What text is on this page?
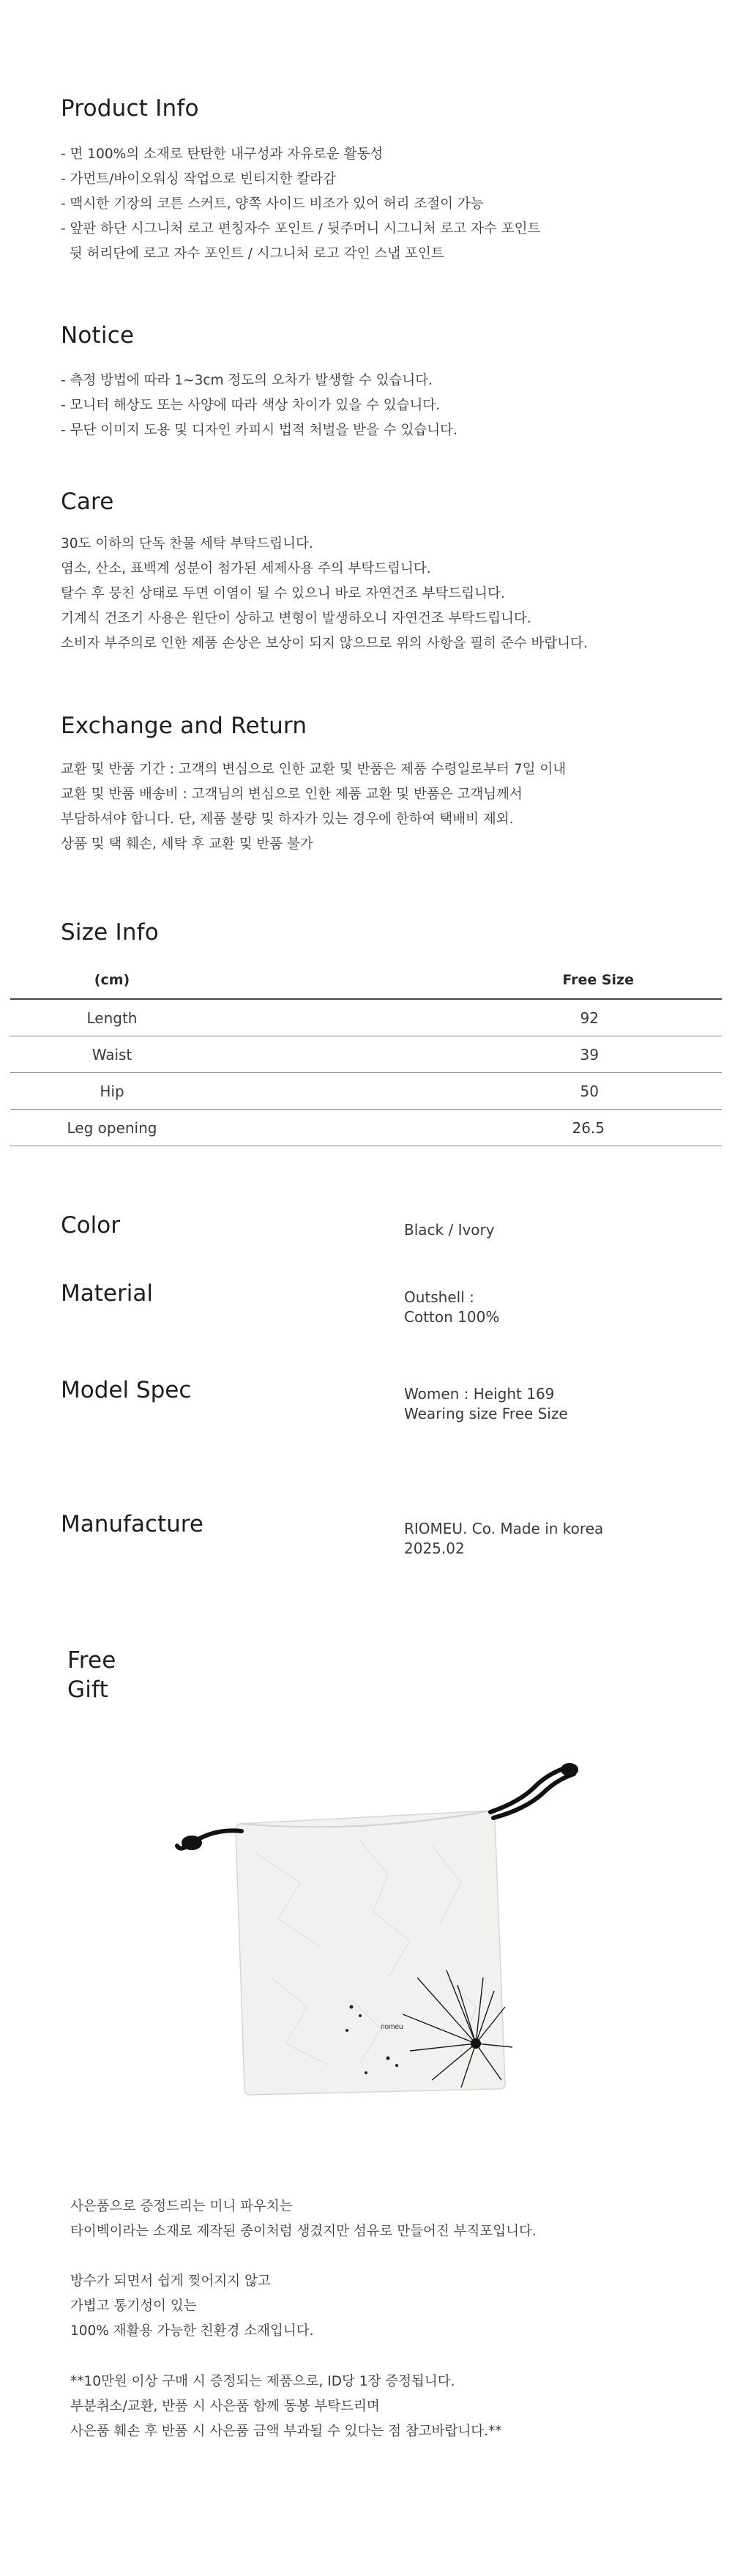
Product Info
- 면 100%의 소재로 탄탄한 내구성과 자유로운 활동성
- 가먼트/바이오워싱 작업으로 빈티지한 칼라감
- 맥시한 기장의 코튼 스커트, 양쪽 사이드 비조가 있어 허리 조절이 가능
- 앞판 하단 시그니처 로고 편칭자수 포인트 / 뒷주머니 시그니처 로고 자수 포인트
뒷 허리단에 로고 자수 포인트 / 시그니처 로고 각인 스냅 포인트
Notice
- 측정 방법에 따라 1~3cm 정도의 오차가 발생할 수 있습니다.
- 모니터 해상도 또는 사양에 따라 색상 차이가 있을 수 있습니다.
- 무단 이미지 도용 및 디자인 카피시 법적 처벌을 받을 수 있습니다.
Care
30도 이하의 단독 찬물 세탁 부탁드립니다.
염소, 산소, 표백계 성분이 첨가된 세제사용 주의 부탁드립니다.
탈수 후 뭉친 상태로 두면 이염이 될 수 있으니 바로 자연건조 부탁드립니다.
기계식 건조기 사용은 원단이 상하고 변형이 발생하오니 자연건조 부탁드립니다.
소비자 부주의로 인한 제품 손상은 보상이 되지 않으므로 위의 사항을 필히 준수 바랍니다.
Exchange and Return
교환 및 반품 기간 : 고객의 변심으로 인한 교환 및 반품은 제품 수령일로부터 7일 이내
교환 및 반품 배송비 : 고객님의 변심으로 인한 제품 교환 및 반품은 고객님께서
부담하셔야 합니다. 단, 제품 불량 및 하자가 있는 경우에 한하여 택배비 제외.
상품 및 택 훼손, 세탁 후 교환 및 반품 불가
Size Info
(cm)	Free Size
Length	92
Waist	39
Hip	50
Leg opening	26.5
Color	Black / Ivory
Material	Outshell :
Cotton 100%
Model Spec	Women : Height 169
Wearing size Free Size
Manufacture	RIOMEU. Co. Made in korea
2025.02
Free
Gift
riomeu
사은품으로 증정드리는 미니 파우치는
타이벡이라는 소재로 제작된 종이처럼 생겼지만 섬유로 만들어진 부직포입니다.
방수가 되면서 쉽게 찢어지지 않고
가볍고 통기성이 있는
100% 재활용 가능한 친환경 소재입니다.
**10만원 이상 구매 시 증정되는 제품으로, ID당 1장 증정됩니다.
부분취소/교환, 반품 시 사은품 함께 동봉 부탁드리며
사은품 훼손 후 반품 시 사은품 금액 부과될 수 있다는 점 참고바랍니다.**
